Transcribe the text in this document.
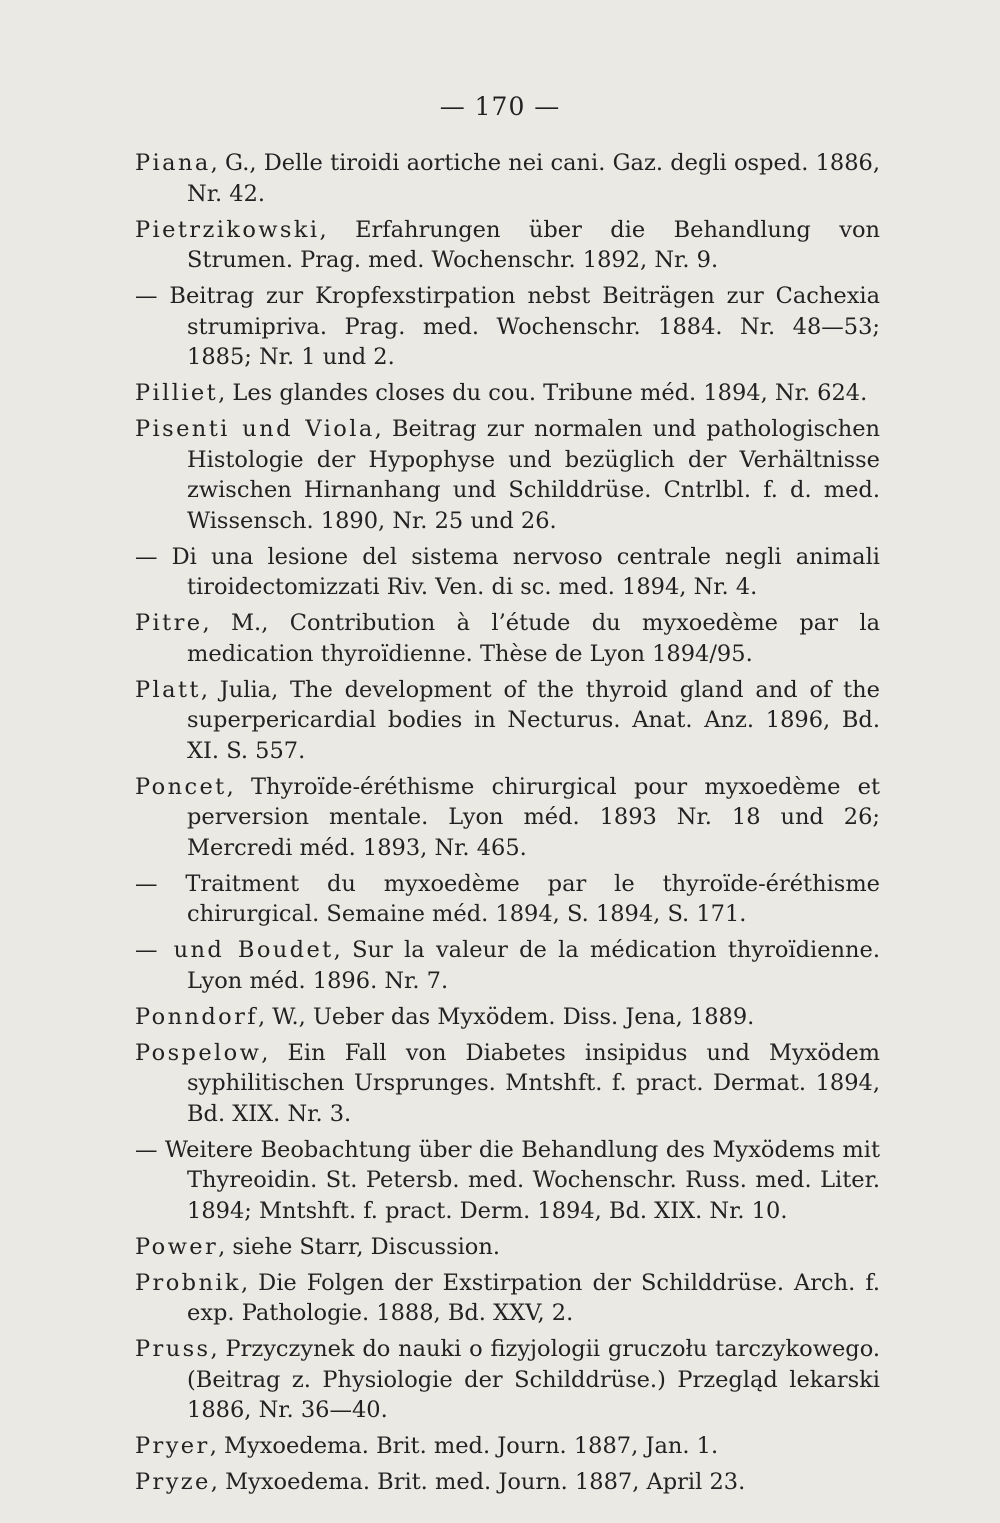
— 170 —
Piana, G., Delle tiroidi aortiche nei cani. Gaz. degli osped. 1886, Nr. 42.
Pietrzikowski, Erfahrungen über die Behandlung von Strumen. Prag. med. Wochenschr. 1892, Nr. 9.
— Beitrag zur Kropfexstirpation nebst Beiträgen zur Cachexia strumipriva. Prag. med. Wochenschr. 1884. Nr. 48—53; 1885; Nr. 1 und 2.
Pilliet, Les glandes closes du cou. Tribune méd. 1894, Nr. 624.
Pisenti und Viola, Beitrag zur normalen und pathologischen Histologie der Hypophyse und bezüglich der Verhältnisse zwischen Hirnanhang und Schilddrüse. Cntrlbl. f. d. med. Wissensch. 1890, Nr. 25 und 26.
— Di una lesione del sistema nervoso centrale negli animali tiroidectomizzati Riv. Ven. di sc. med. 1894, Nr. 4.
Pitre, M., Contribution à l’étude du myxoedème par la medication thyroïdienne. Thèse de Lyon 1894/95.
Platt, Julia, The development of the thyroid gland and of the superpericardial bodies in Necturus. Anat. Anz. 1896, Bd. XI. S. 557.
Poncet, Thyroïde-éréthisme chirurgical pour myxoedème et perversion mentale. Lyon méd. 1893 Nr. 18 und 26; Mercredi méd. 1893, Nr. 465.
— Traitment du myxoedème par le thyroïde-éréthisme chirurgical. Semaine méd. 1894, S. 1894, S. 171.
— und Boudet, Sur la valeur de la médication thyroïdienne. Lyon méd. 1896. Nr. 7.
Ponndorf, W., Ueber das Myxödem. Diss. Jena, 1889.
Pospelow, Ein Fall von Diabetes insipidus und Myxödem syphilitischen Ursprunges. Mntshft. f. pract. Dermat. 1894, Bd. XIX. Nr. 3.
— Weitere Beobachtung über die Behandlung des Myxödems mit Thyreoidin. St. Petersb. med. Wochenschr. Russ. med. Liter. 1894; Mntshft. f. pract. Derm. 1894, Bd. XIX. Nr. 10.
Power, siehe Starr, Discussion.
Probnik, Die Folgen der Exstirpation der Schilddrüse. Arch. f. exp. Pathologie. 1888, Bd. XXV, 2.
Pruss, Przyczynek do nauki o fizyjologii gruczołu tarczykowego. (Beitrag z. Physiologie der Schilddrüse.) Przegląd lekarski 1886, Nr. 36—40.
Pryer, Myxoedema. Brit. med. Journ. 1887, Jan. 1.
Pryze, Myxoedema. Brit. med. Journ. 1887, April 23.
